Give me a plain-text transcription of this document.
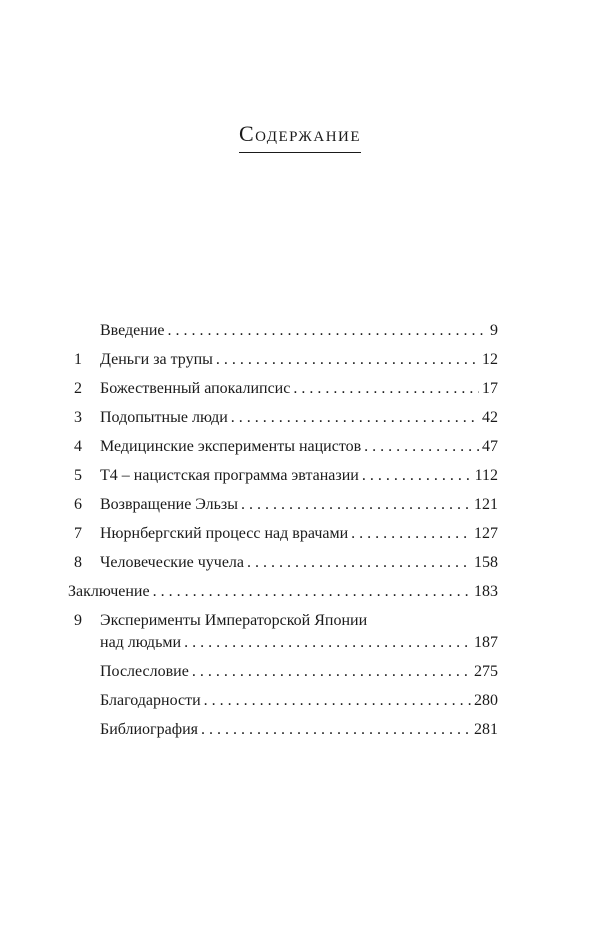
Содержание
Введение . . .	9
1	Деньги за трупы . . .	12
2	Божественный апокалипсис . . .	17
3	Подопытные люди . . .	42
4	Медицинские эксперименты нацистов . . .	47
5	Т4 – нацистская программа эвтаназии . . .	112
6	Возвращение Эльзы . . .	121
7	Нюрнбергский процесс над врачами . . .	127
8	Человеческие чучела . . .	158
Заключение . . .	183
9	Эксперименты Императорской Японии
над людьми . . .	187
Послесловие . . .	275
Благодарности . . .	280
Библиография . . .	281
